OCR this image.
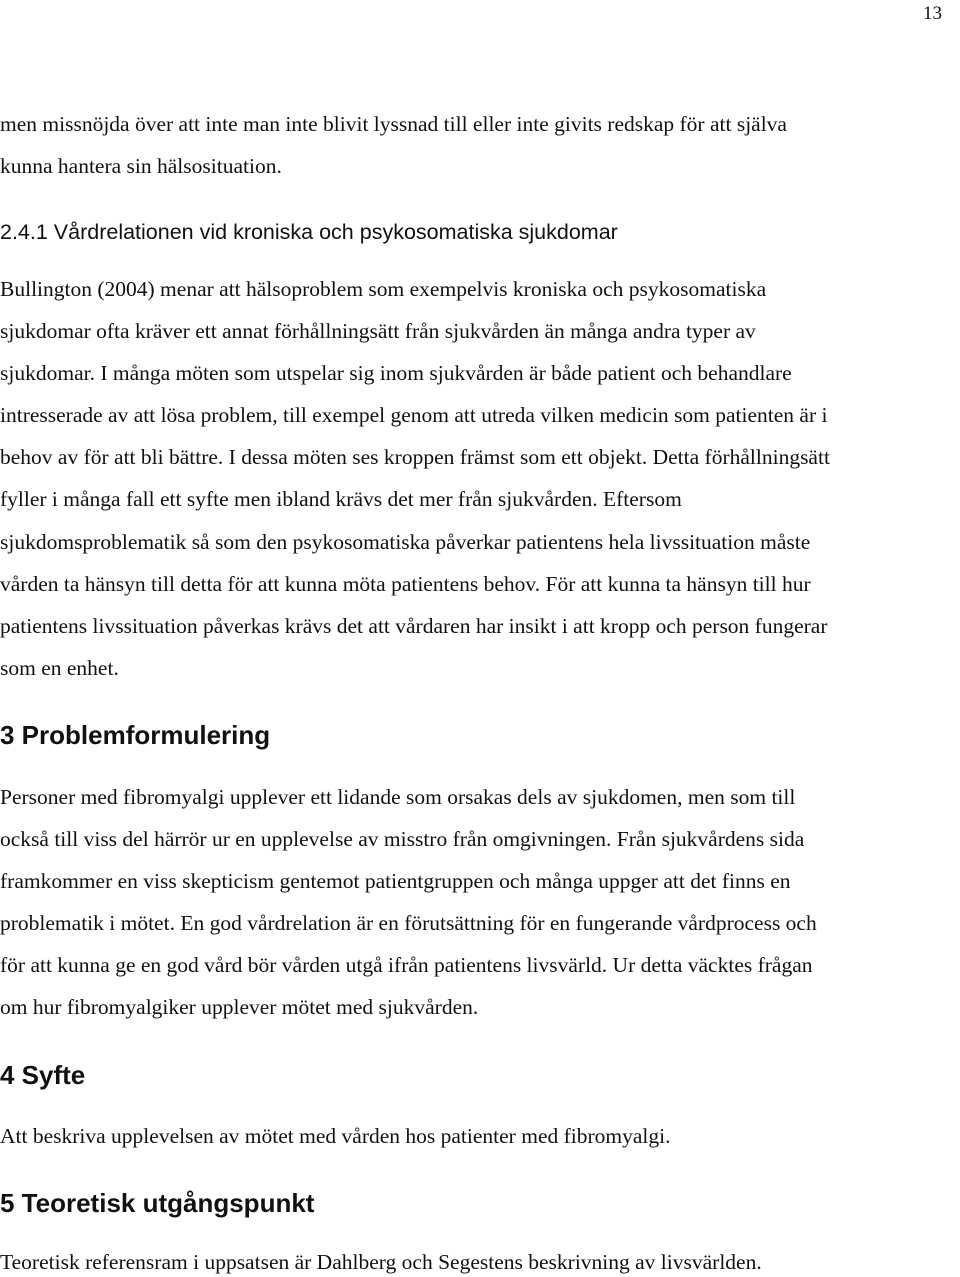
13
men missnöjda över att inte man inte blivit lyssnad till eller inte givits redskap för att själva
kunna hantera sin hälsosituation.
2.4.1 Vårdrelationen vid kroniska och psykosomatiska sjukdomar
Bullington (2004) menar att hälsoproblem som exempelvis kroniska och psykosomatiska
sjukdomar ofta kräver ett annat förhållningsätt från sjukvården än många andra typer av
sjukdomar. I många möten som utspelar sig inom sjukvården är både patient och behandlare
intresserade av att lösa problem, till exempel genom att utreda vilken medicin som patienten är i
behov av för att bli bättre. I dessa möten ses kroppen främst som ett objekt. Detta förhållningsätt
fyller i många fall ett syfte men ibland krävs det mer från sjukvården. Eftersom
sjukdomsproblematik så som den psykosomatiska påverkar patientens hela livssituation måste
vården ta hänsyn till detta för att kunna möta patientens behov. För att kunna ta hänsyn till hur
patientens livssituation påverkas krävs det att vårdaren har insikt i att kropp och person fungerar
som en enhet.
3 Problemformulering
Personer med fibromyalgi upplever ett lidande som orsakas dels av sjukdomen, men som till
också till viss del härrör ur en upplevelse av misstro från omgivningen. Från sjukvårdens sida
framkommer en viss skepticism gentemot patientgruppen och många uppger att det finns en
problematik i mötet. En god vårdrelation är en förutsättning för en fungerande vårdprocess och
för att kunna ge en god vård bör vården utgå ifrån patientens livsvärld. Ur detta väcktes frågan
om hur fibromyalgiker upplever mötet med sjukvården.
4 Syfte
Att beskriva upplevelsen av mötet med vården hos patienter med fibromyalgi.
5 Teoretisk utgångspunkt
Teoretisk referensram i uppsatsen är Dahlberg och Segestens beskrivning av livsvärlden.
